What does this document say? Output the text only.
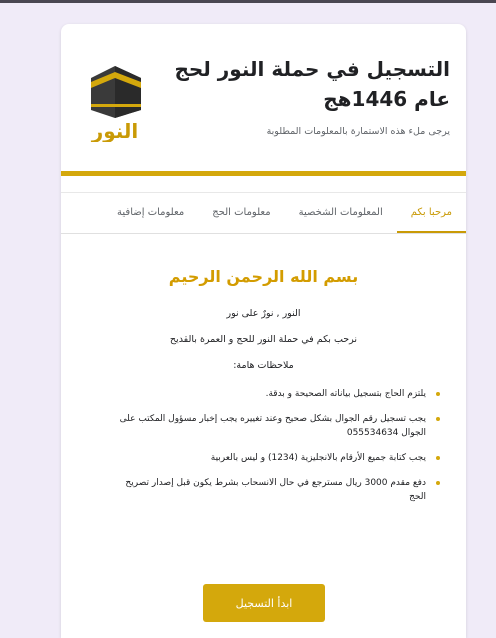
النور
التسجيل في حملة النور لحج عام 1446هج

يرجى ملء هذه الاستمارة بالمعلومات المطلوبة

مرحبا بكم
المعلومات الشخصية
معلومات الحج
معلومات إضافية
بسم الله الرحمن الرحيم

النور , نورٌ على نور

نرحب بكم في حملة النور للحج و العمرة بالقديح

ملاحظات هامة:

يلتزم الحاج بتسجيل بياناته الصحيحة و بدقة.
يجب تسجيل رقم الجوال بشكل صحيح وعند تغييره يجب إخبار مسؤول المكتب على الجوال 055534634
يجب كتابة جميع الأرقام بالانجليزية (1234) و ليس بالعربية
دفع مقدم 3000 ريال مسترجع في حال الانسحاب بشرط يكون قبل إصدار تصريح الحج
ابدأ التسجيل
